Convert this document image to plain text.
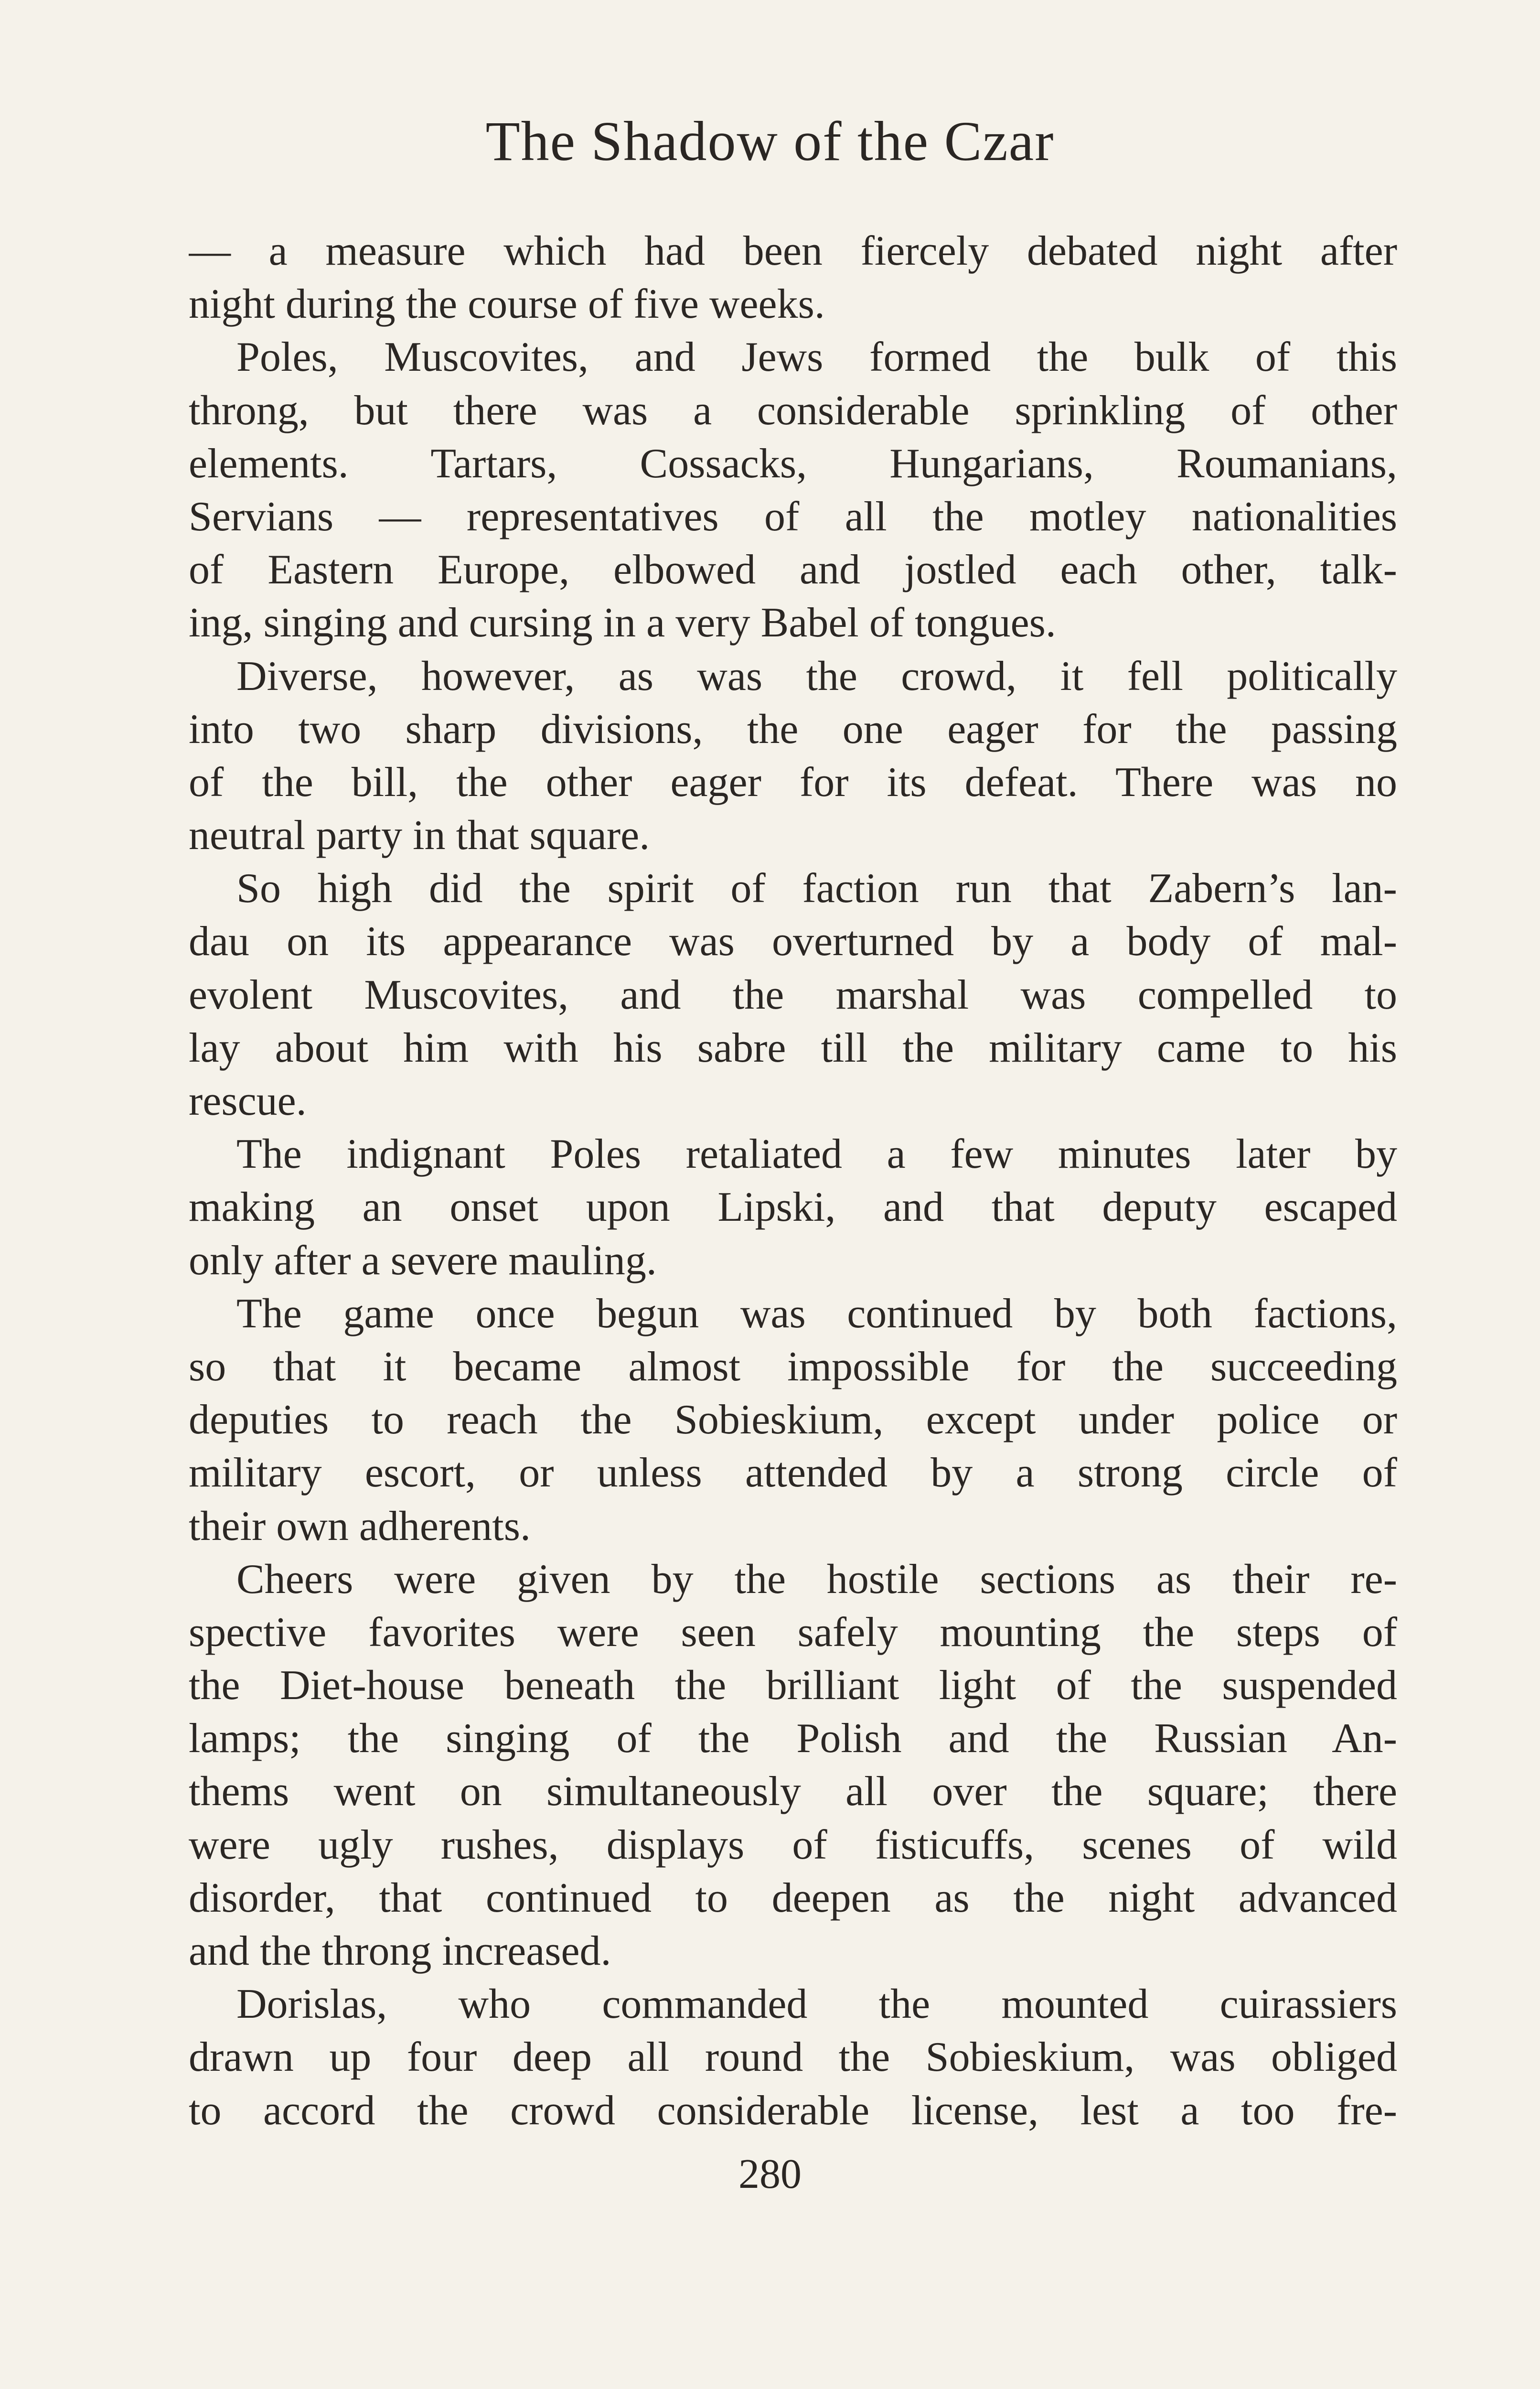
The Shadow of the Czar
— a measure which had been fiercely debated night after
night during the course of five weeks.
Poles, Muscovites, and Jews formed the bulk of this
throng, but there was a considerable sprinkling of other
elements. Tartars, Cossacks, Hungarians, Roumanians,
Servians — representatives of all the motley nationalities
of Eastern Europe, elbowed and jostled each other, talk-
ing, singing and cursing in a very Babel of tongues.
Diverse, however, as was the crowd, it fell politically
into two sharp divisions, the one eager for the passing
of the bill, the other eager for its defeat. There was no
neutral party in that square.
So high did the spirit of faction run that Zabern’s lan-
dau on its appearance was overturned by a body of mal-
evolent Muscovites, and the marshal was compelled to
lay about him with his sabre till the military came to his
rescue.
The indignant Poles retaliated a few minutes later by
making an onset upon Lipski, and that deputy escaped
only after a severe mauling.
The game once begun was continued by both factions,
so that it became almost impossible for the succeeding
deputies to reach the Sobieskium, except under police or
military escort, or unless attended by a strong circle of
their own adherents.
Cheers were given by the hostile sections as their re-
spective favorites were seen safely mounting the steps of
the Diet-house beneath the brilliant light of the suspended
lamps; the singing of the Polish and the Russian An-
thems went on simultaneously all over the square; there
were ugly rushes, displays of fisticuffs, scenes of wild
disorder, that continued to deepen as the night advanced
and the throng increased.
Dorislas, who commanded the mounted cuirassiers
drawn up four deep all round the Sobieskium, was obliged
to accord the crowd considerable license, lest a too fre-
280
